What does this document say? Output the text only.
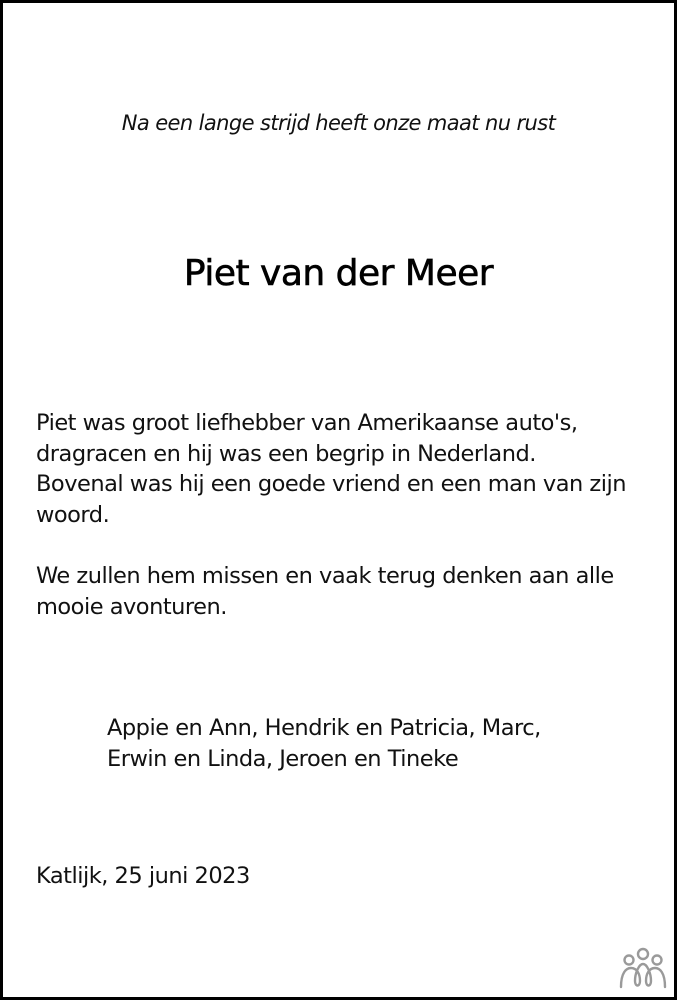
Na een lange strijd heeft onze maat nu rust
Piet van der Meer
Piet was groot liefhebber van Amerikaanse auto's,
dragracen en hij was een begrip in Nederland.
Bovenal was hij een goede vriend en een man van zijn
woord.
We zullen hem missen en vaak terug denken aan alle
mooie avonturen.
Appie en Ann, Hendrik en Patricia, Marc,
Erwin en Linda, Jeroen en Tineke
Katlijk, 25 juni 2023
